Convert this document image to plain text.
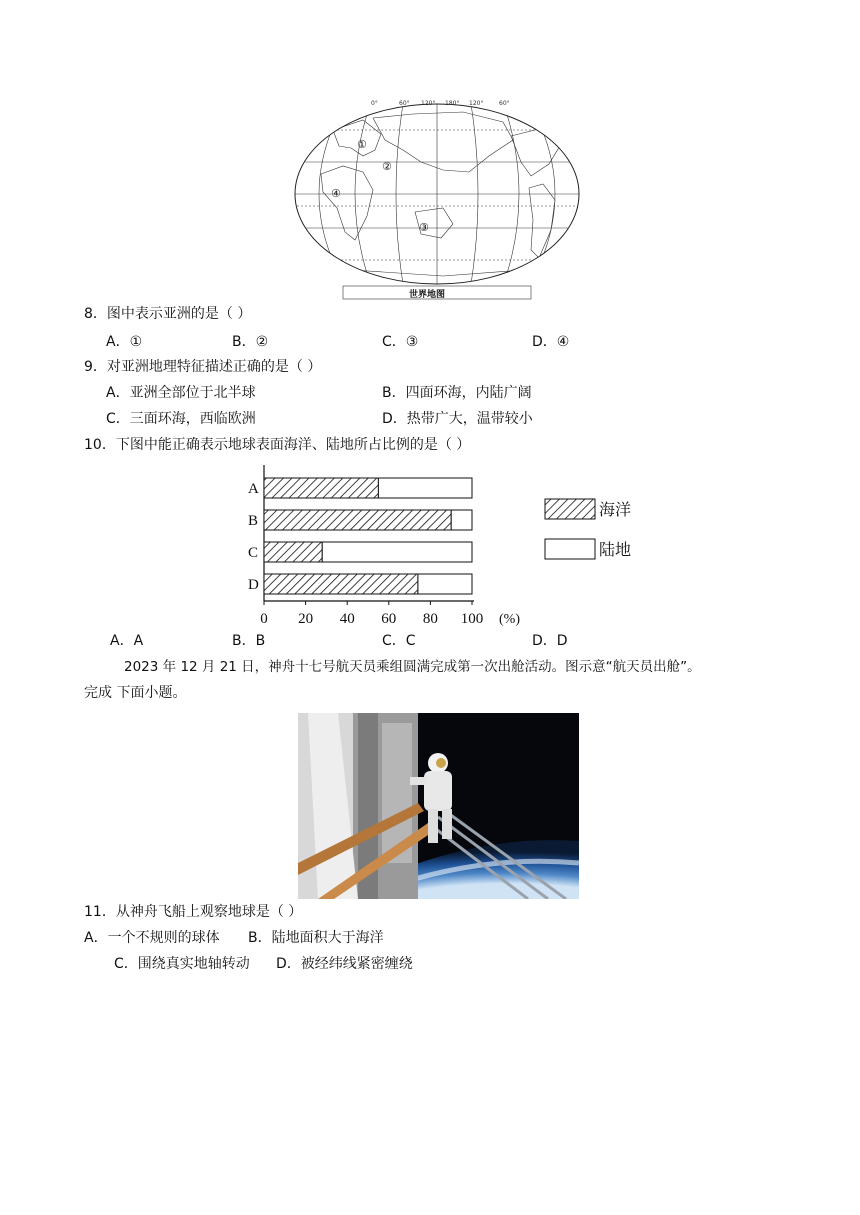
0°	60° 120° 180° 120°	60°
①
②
③
④
世界地图
8．图中表示亚洲的是（ ）
A．①	B．②	C．③	D．④
9．对亚洲地理特征描述正确的是（ ）
A．亚洲全部位于北半球	B．四面环海，内陆广阔
C．三面环海，西临欧洲	D．热带广大，温带较小
10．下图中能正确表示地球表面海洋、陆地所占比例的是（ ）
A
B
C
D
0 20 40 60 80 100 (%)
海洋
陆地
A．A	B．B	C．C	D．D
2023 年 12 月 21 日，神舟十七号航天员乘组圆满完成第一次出舱活动。图示意“航天员出舱”。
完成 下面小题。
11．从神舟飞船上观察地球是（ ）
A．一个不规则的球体 B．陆地面积大于海洋
C．围绕真实地轴转动 D．被经纬线紧密缠绕
